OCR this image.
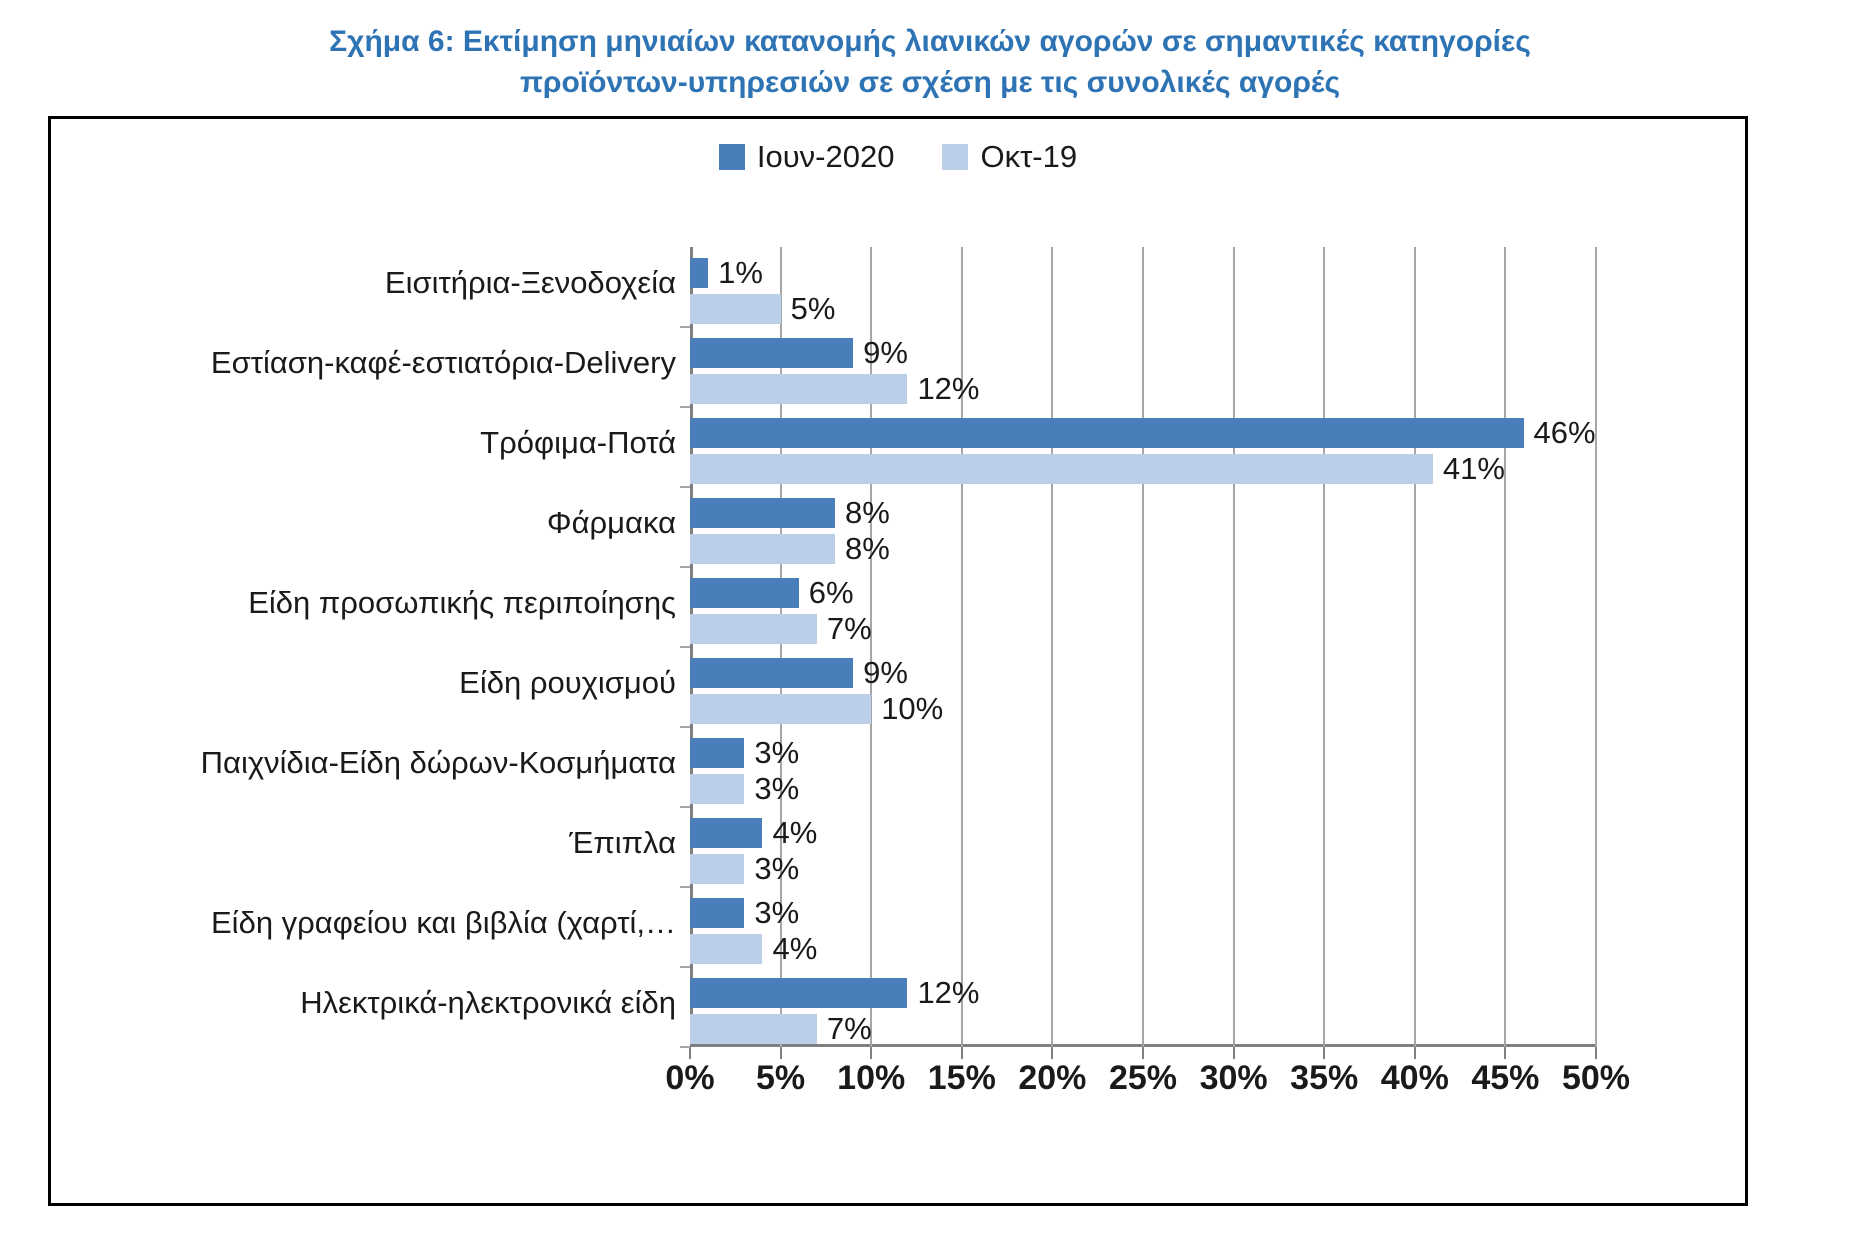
Σχήμα 6: Εκτίμηση μηνιαίων κατανομής λιανικών αγορών σε σημαντικές κατηγορίες
προϊόντων-υπηρεσιών σε σχέση με τις συνολικές αγορές
Ιουν-2020	Οκτ-19
Εισιτήρια-Ξενοδοχεία 1%
5%
Εστίαση-καφέ-εστιατόρια-Delivery	9%
12%
Τρόφιμα-Ποτά	46%
41%
Φάρμακα	8%
8%
Είδη προσωπικής περιποίησης	6%
7%
Είδη ρουχισμού	9%
10%
Παιχνίδια-Είδη δώρων-Κοσμήματα	3%
3%
Έπιπλα	4%
3%
Είδη γραφείου και βιβλία (χαρτί,…	3%
4%
Ηλεκτρικά-ηλεκτρονικά είδη	12%
7%
0% 5% 10% 15% 20% 25% 30% 35% 40% 45% 50%
